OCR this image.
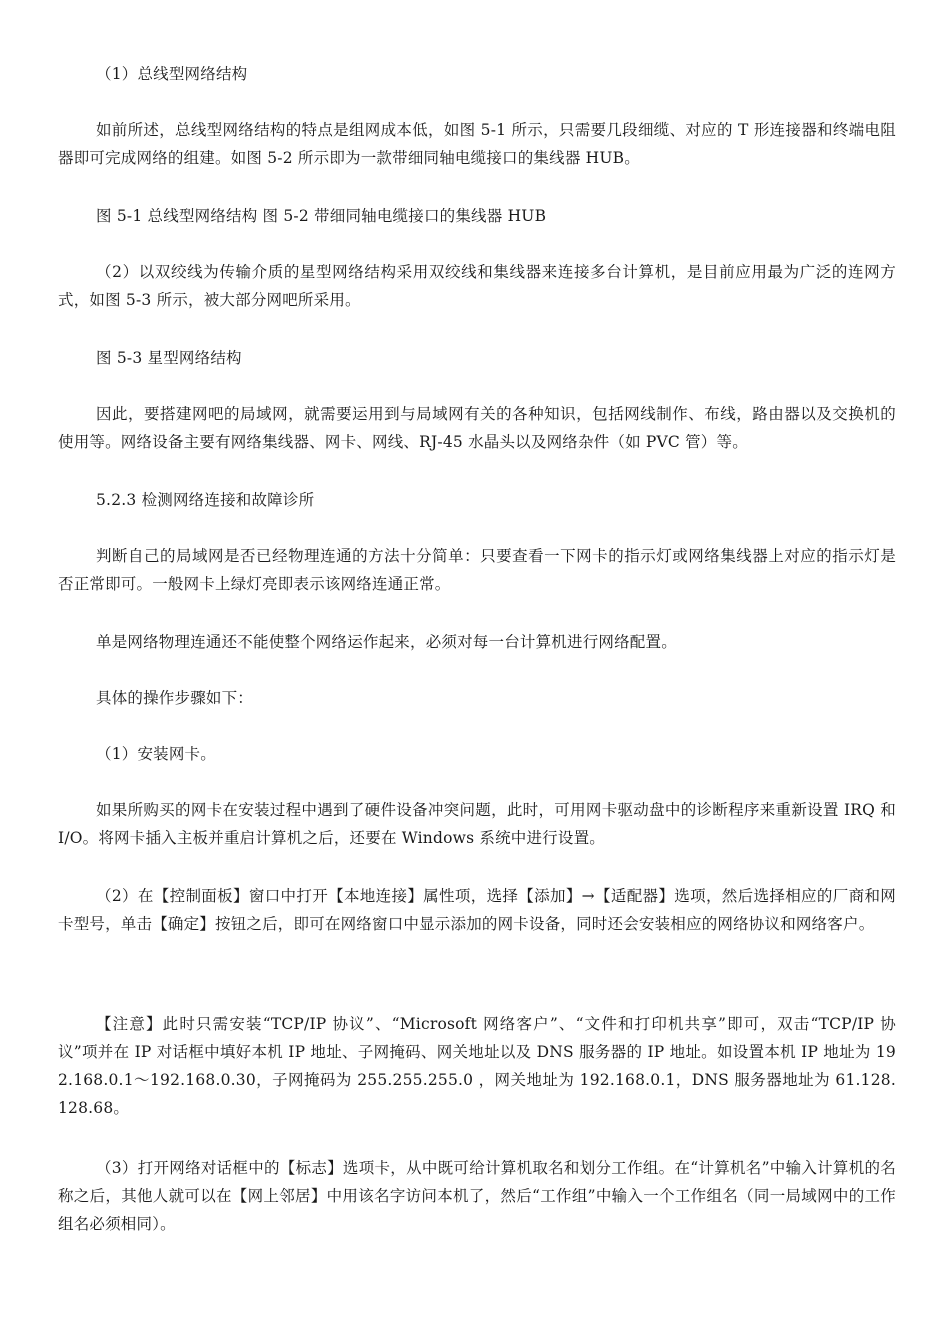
（1）总线型网络结构
如前所述，总线型网络结构的特点是组网成本低，如图 5-1 所示，只需要几段细缆、对应的 T 形连接器和终端电阻器即可完成网络的组建。如图 5-2 所示即为一款带细同轴电缆接口的集线器 HUB。
图 5-1 总线型网络结构 图 5-2 带细同轴电缆接口的集线器 HUB
（2）以双绞线为传输介质的星型网络结构采用双绞线和集线器来连接多台计算机，是目前应用最为广泛的连网方式，如图 5-3 所示，被大部分网吧所采用。
图 5-3 星型网络结构
因此，要搭建网吧的局域网，就需要运用到与局域网有关的各种知识，包括网线制作、布线，路由器以及交换机的使用等。网络设备主要有网络集线器、网卡、网线、RJ-45 水晶头以及网络杂件（如 PVC 管）等。
5.2.3 检测网络连接和故障诊所
判断自己的局域网是否已经物理连通的方法十分简单：只要查看一下网卡的指示灯或网络集线器上对应的指示灯是否正常即可。一般网卡上绿灯亮即表示该网络连通正常。
单是网络物理连通还不能使整个网络运作起来，必须对每一台计算机进行网络配置。
具体的操作步骤如下：
（1）安装网卡。
如果所购买的网卡在安装过程中遇到了硬件设备冲突问题，此时，可用网卡驱动盘中的诊断程序来重新设置 IRQ 和 I/O。将网卡插入主板并重启计算机之后，还要在 Windows 系统中进行设置。
（2）在【控制面板】窗口中打开【本地连接】属性项，选择【添加】→【适配器】选项，然后选择相应的厂商和网卡型号，单击【确定】按钮之后，即可在网络窗口中显示添加的网卡设备，同时还会安装相应的网络协议和网络客户。
【注意】此时只需安装“TCP/IP 协议”、“Microsoft 网络客户”、“文件和打印机共享”即可，双击“TCP/IP 协议”项并在 IP 对话框中填好本机 IP 地址、子网掩码、网关地址以及 DNS 服务器的 IP 地址。如设置本机 IP 地址为 192.168.0.1～192.168.0.30，子网掩码为 255.255.255.0 ，网关地址为 192.168.0.1，DNS 服务器地址为 61.128.128.68。
（3）打开网络对话框中的【标志】选项卡，从中既可给计算机取名和划分工作组。在“计算机名”中输入计算机的名称之后，其他人就可以在【网上邻居】中用该名字访问本机了，然后“工作组”中输入一个工作组名（同一局域网中的工作组名必须相同）。
